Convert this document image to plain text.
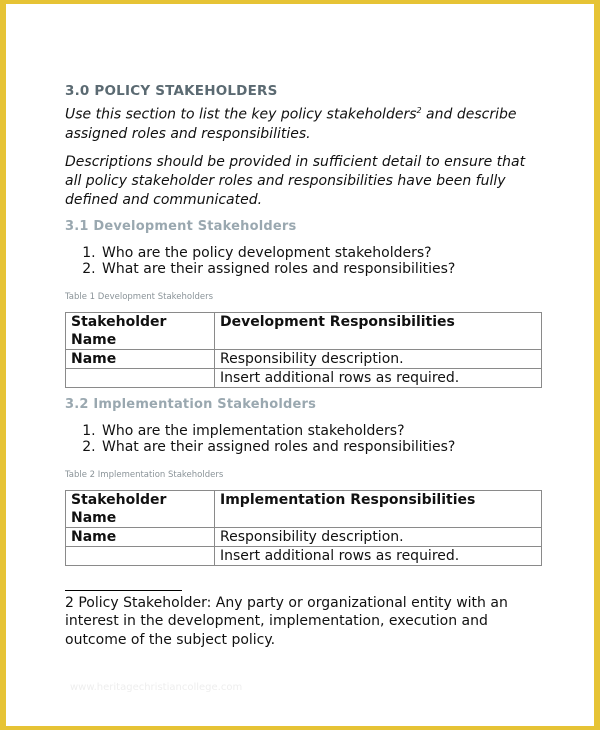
3.0 POLICY STAKEHOLDERS

Use this section to list the key policy stakeholders$^2$ and describe assigned roles and responsibilities.

Descriptions should be provided in sufficient detail to ensure that all policy stakeholder roles and responsibilities have been fully defined and communicated.

3.1 Development Stakeholders

1. Who are the policy development stakeholders?
2. What are their assigned roles and responsibilities?

Table 1 Development Stakeholders

Stakeholder Name	Development Responsibilities
Name	Responsibility description.
	Insert additional rows as required.

3.2 Implementation Stakeholders

1. Who are the implementation stakeholders?
2. What are their assigned roles and responsibilities?

Table 2 Implementation Stakeholders

Stakeholder Name	Implementation Responsibilities
Name	Responsibility description.
	Insert additional rows as required.

2 Policy Stakeholder: Any party or organizational entity with an interest in the development, implementation, execution and outcome of the subject policy.

www.heritagechristiancollege.com
